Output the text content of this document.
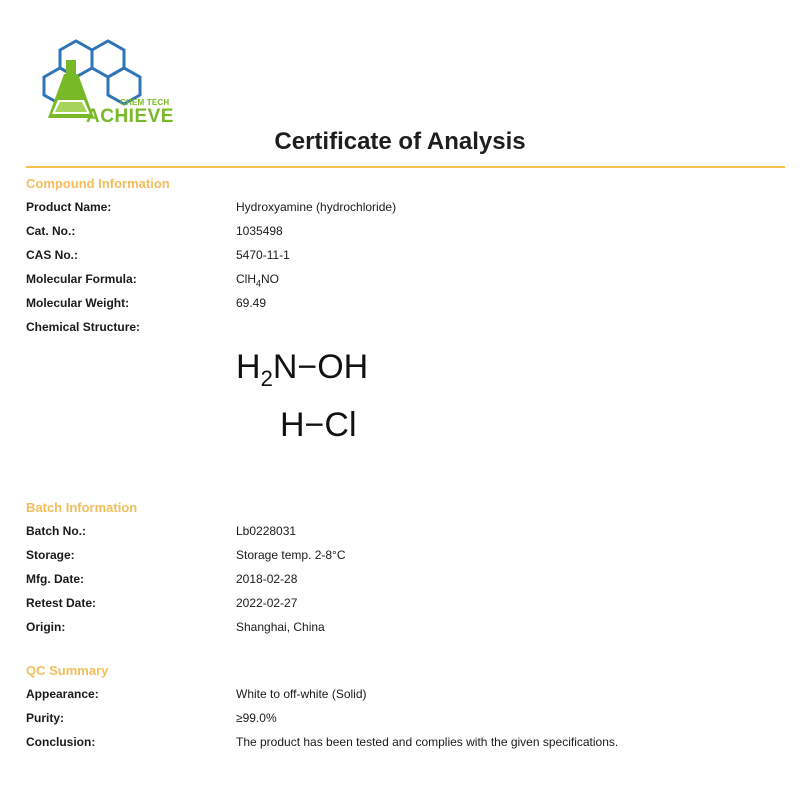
CHEM TECH
ACHIEVE
Certificate of Analysis
Compound Information
Product Name:	Hydroxyamine (hydrochloride)
Cat. No.:	1035498
CAS No.:	5470-11-1
Molecular Formula:	ClH$_4$NO
Molecular Weight:	69.49
Chemical Structure:
$H_2N-OH$
H−Cl
Batch Information
Batch No.:	Lb0228031
Storage:	Storage temp. 2-8°C
Mfg. Date:	2018-02-28
Retest Date:	2022-02-27
Origin:	Shanghai, China
QC Summary
Appearance:	White to off-white (Solid)
Purity:	≥99.0%
Conclusion:	The product has been tested and complies with the given specifications.
